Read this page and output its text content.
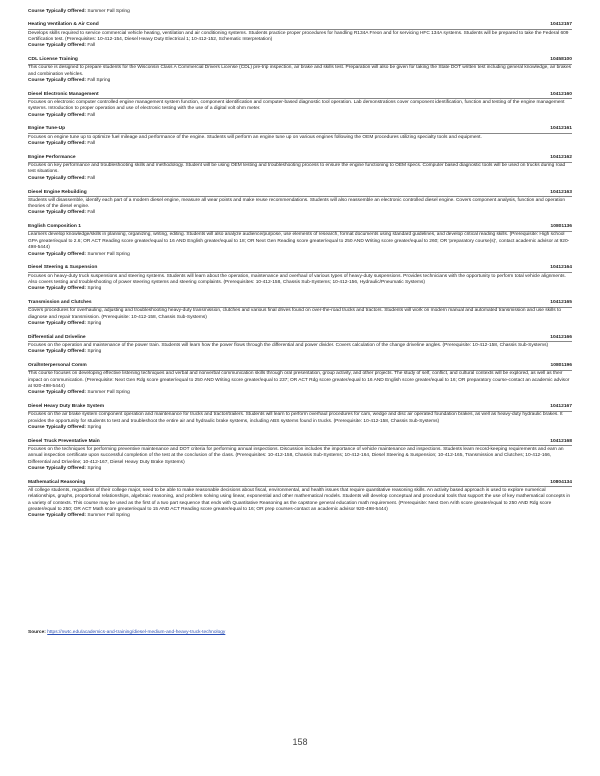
Course Typically Offered: Summer Fall Spring
Heating Ventilation & Air Cond	10412157
Develops skills required to service commercial vehicle heating, ventilation and air conditioning systems. Students practice proper procedures for handling R134A Freon and for servicing HFC 134A systems. Students will be prepared to take the Federal 609 Certification test. (Prerequisites: 10-412-154, Diesel Heavy Duty Electrical 1; 10-412-152, Schematic Interpretation)
Course Typically Offered: Fall
CDL License Training	10458100
This course is designed to prepare students for the Wisconsin Class A Commercial Drivers License (CDL) pre-trip inspection, air brake and skills test. Preparation will also be given for taking the State DOT written test including general knowledge, air brakes and combination vehicles.
Course Typically Offered: Fall Spring
Diesel Electronic Management	10412160
Focuses on electronic computer controlled engine management system function, component identification and computer-based diagnostic tool operation. Lab demonstrations cover component identification, function and testing of the engine management systems. Introduction to proper operation and use of electronic testing with the use of a digital volt ohm meter.
Course Typically Offered: Fall
Engine Tune-Up	10412161
Focuses on engine tune up to optimize fuel mileage and performance of the engine. Students will perform an engine tune up on various engines following the OEM procedures utilizing specialty tools and equipment.
Course Typically Offered: Fall
Engine Performance	10412162
Focuses on key performance and troubleshooting skills and methodology. Student will be using OEM testing and troubleshooting process to ensure the engine functioning to OEM specs. Computer based diagnostic tools will be used on trucks during road test situations.
Course Typically Offered: Fall
Diesel Engine Rebuilding	10412163
Students will disassemble, identify each part of a modern diesel engine, measure all wear points and make reuse recommendations. Students will also reassemble an electronic controlled diesel engine. Covers component analysis, function and operation theories of the diesel engine.
Course Typically Offered: Fall
English Composition 1	10801136
Learners develop knowledge/skills in planning, organizing, writing, editing. Students will also analyze audience/purpose, use elements of research, format documents using standard guidelines, and develop critical reading skills. (Prerequisite: High school GPA greater/equal to 2.6; OR ACT Reading score greater/equal to 16 AND English greater/equal to 18; OR Next Gen Reading score greater/equal to 250 AND Writing score greater/equal to 260; OR 'preparatory course(s)', contact academic advisor at 920-498-5444)
Course Typically Offered: Summer Fall Spring
Diesel Steering & Suspension	10412164
Focuses on heavy-duty truck suspensions and steering systems. Students will learn about the operation, maintenance and overhaul of various types of heavy-duty suspensions. Provides technicians with the opportunity to perform total vehicle alignments. Also covers testing and troubleshooting of power steering systems and steering complaints. (Prerequisites: 10-412-158, Chassis Sub-Systems; 10-412-156, Hydraulic/Pneumatic Systems)
Course Typically Offered: Spring
Transmission and Clutches	10412165
Covers procedures for overhauling, adjusting and troubleshooting heavy-duty transmission, clutches and various final drives found on over-the-road trucks and tractors. Students will work on modern manual and automated transmission and use skills to diagnose and repair transmission. (Prerequisite: 10-412-158, Chassis Sub-Systems)
Course Typically Offered: Spring
Differential and Driveline	10412166
Focuses on the operation and maintenance of the power train. Students will learn how the power flows through the differential and power divider. Covers calculation of the change driveline angles. (Prerequisite: 10-412-158, Chassis Sub-Systems)
Course Typically Offered: Spring
Oral/Interpersonal Comm	10801196
This course focuses on developing effective listening techniques and verbal and nonverbal communication skills through oral presentation, group activity, and other projects. The study of self, conflict, and cultural contexts will be explored, as well as their impact on communication. (Prerequisite: Next Gen Rdg score greater/equal to 250 AND Writing score greater/equal to 237; OR ACT Rdg score greater/equal to 16 AND English score greater/equal to 16; OR preparatory course-contact an academic advisor at 920-498-5444)
Course Typically Offered: Summer Fall Spring
Diesel Heavy Duty Brake System	10412167
Focuses on the air brake system component operation and maintenance for trucks and tractor/trailers. Students will learn to perform overhaul procedures for cam, wedge and disc air operated foundation brakes, as well as heavy-duty hydraulic brakes. It provides the opportunity for students to test and troubleshoot the entire air and hydraulic brake systems, including ABS systems found in trucks. (Prerequisite: 10-412-158, Chassis Sub-Systems)
Course Typically Offered: Spring
Diesel Truck Preventative Main	10412168
Focuses on the techniques for performing preventive maintenance and DOT criteria for performing annual inspections. Discussion includes the importance of vehicle maintenance and inspections. Students learn record-keeping requirements and earn an annual inspection certificate upon successful completion of the test at the conclusion of the class. (Prerequisites: 10-412-158, Chassis Sub-Systems; 10-412-164, Diesel Steering & Suspension; 10-412-165, Transmission and Clutches; 10-412-166, Differential and Driveline; 10-412-167, Diesel Heavy Duty Brake Systems)
Course Typically Offered: Spring
Mathematical Reasoning	10804134
All college students, regardless of their college major, need to be able to make reasonable decisions about fiscal, environmental, and health issues that require quantitative reasoning skills. An activity based approach is used to explore numerical relationships, graphs, proportional relationships, algebraic reasoning, and problem solving using linear, exponential and other mathematical models. Students will develop conceptual and procedural tools that support the use of key mathematical concepts in a variety of contexts. This course may be used as the first of a two part sequence that ends with Quantitative Reasoning as the capstone general education math requirement. (Prerequisite: Next Gen Arith score greater/equal to 250 AND Rdg score greater/equal to 250; OR ACT Math score greater/equal to 15 AND ACT Reading score greater/equal to 16; OR prep courses-contact an academic advisor 920-498-5444)
Course Typically Offered: Summer Fall Spring
Source: https://nwtc.edu/academics-and-training/diesel-medium-and-heavy-truck-technology
158
